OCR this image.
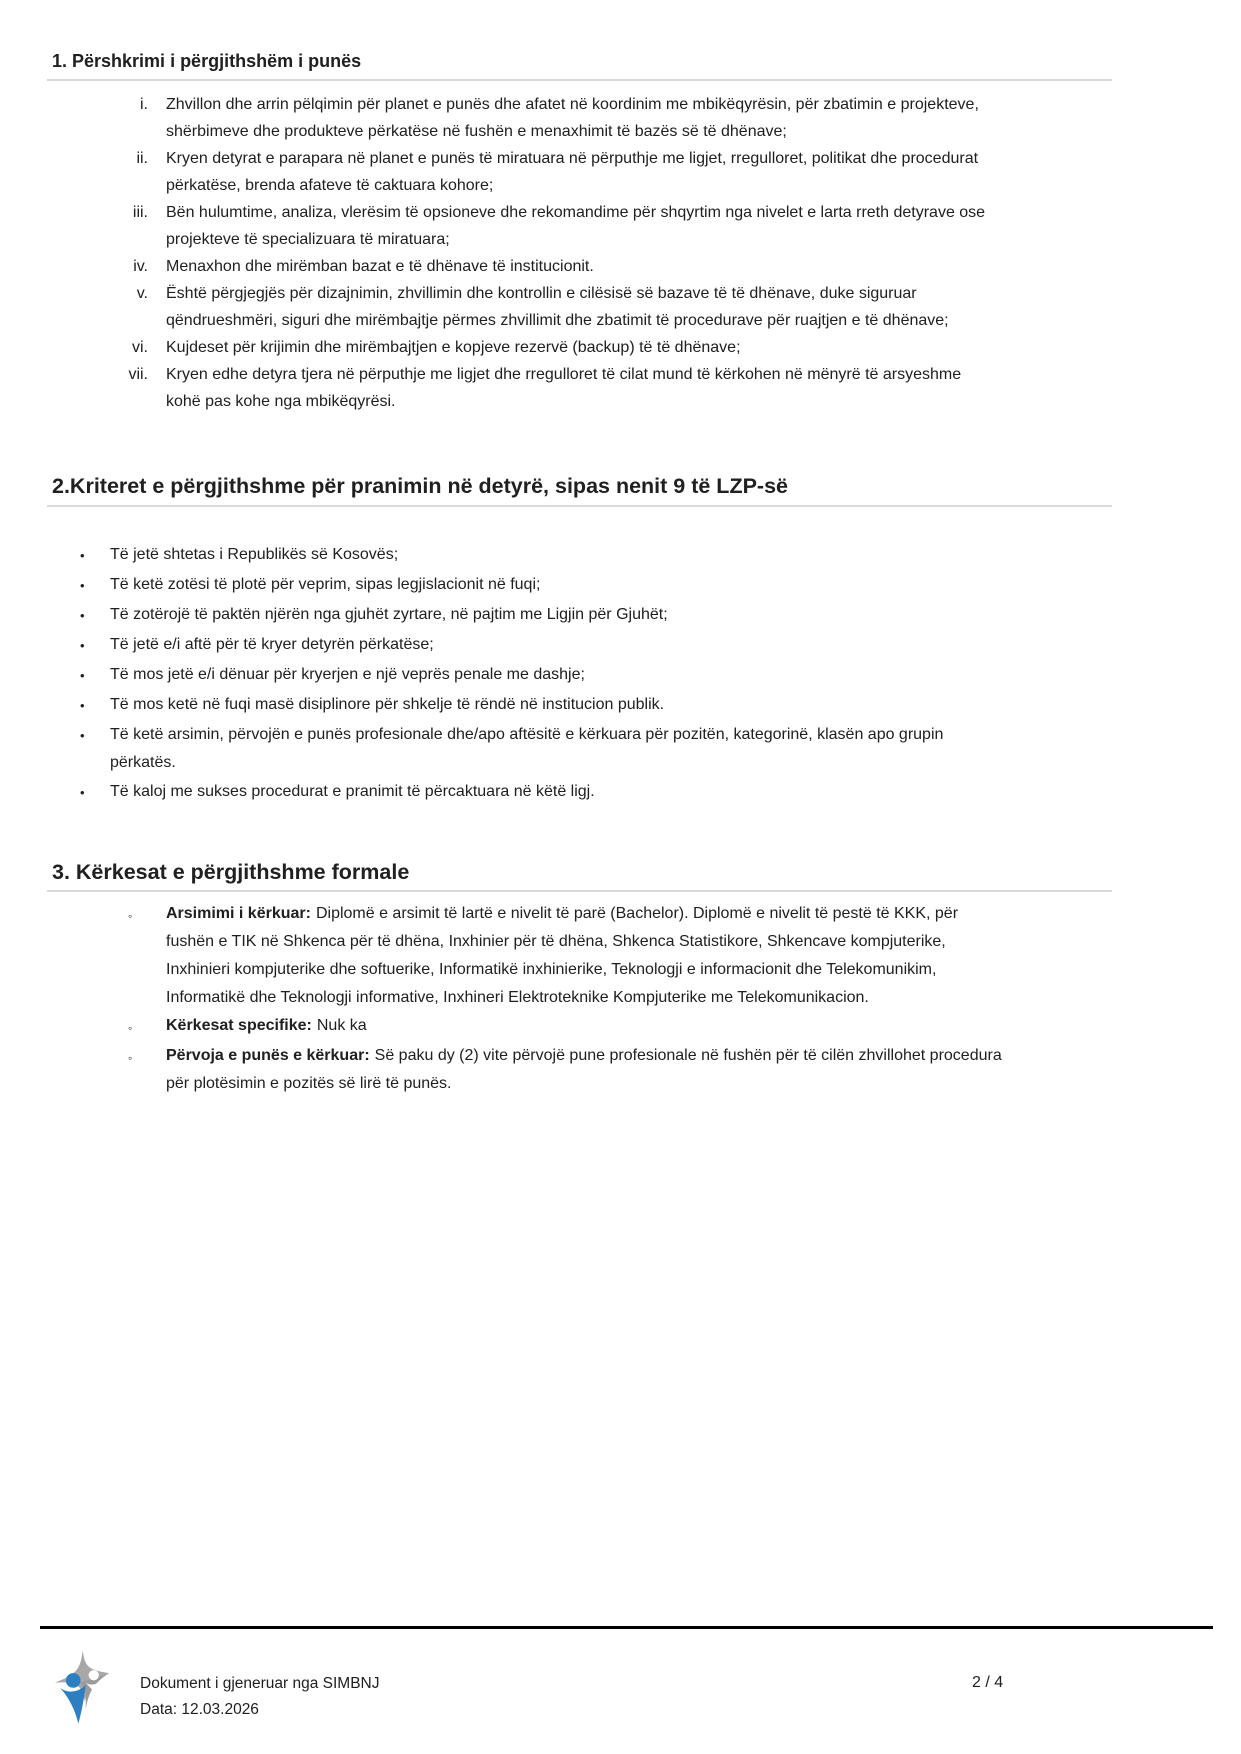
1. Përshkrimi i përgjithshëm i punës
i. Zhvillon dhe arrin pëlqimin për planet e punës dhe afatet në koordinim me mbikëqyrësin, për zbatimin e projekteve, shërbimeve dhe produkteve përkatëse në fushën e menaxhimit të bazës së të dhënave;

ii. Kryen detyrat e parapara në planet e punës të miratuara në përputhje me ligjet, rregulloret, politikat dhe procedurat përkatëse, brenda afateve të caktuara kohore;

iii. Bën hulumtime, analiza, vlerësim të opsioneve dhe rekomandime për shqyrtim nga nivelet e larta rreth detyrave ose projekteve të specializuara të miratuara;

iv. Menaxhon dhe mirëmban bazat e të dhënave të institucionit.

v. Është përgjegjës për dizajnimin, zhvillimin dhe kontrollin e cilësisë së bazave të të dhënave, duke siguruar qëndrueshmëri, siguri dhe mirëmbajtje përmes zhvillimit dhe zbatimit të procedurave për ruajtjen e të dhënave;

vi. Kujdeset për krijimin dhe mirëmbajtjen e kopjeve rezervë (backup) të të dhënave;

vii. Kryen edhe detyra tjera në përputhje me ligjet dhe rregulloret të cilat mund të kërkohen në mënyrë të arsyeshme kohë pas kohe nga mbikëqyrësi.

2.Kriteret e përgjithshme për pranimin në detyrë, sipas nenit 9 të LZP-së
•	Të jetë shtetas i Republikës së Kosovës;

•	Të ketë zotësi të plotë për veprim, sipas legjislacionit në fuqi;

•	Të zotërojë të paktën njërën nga gjuhët zyrtare, në pajtim me Ligjin për Gjuhët;

•	Të jetë e/i aftë për të kryer detyrën përkatëse;

•	Të mos jetë e/i dënuar për kryerjen e një veprës penale me dashje;

•	Të mos ketë në fuqi masë disiplinore për shkelje të rëndë në institucion publik.

•	Të ketë arsimin, përvojën e punës profesionale dhe/apo aftësitë e kërkuara për pozitën, kategorinë, klasën apo grupin përkatës.

•	Të kaloj me sukses procedurat e pranimit të përcaktuara në këtë ligj.

3. Kërkesat e përgjithshme formale
◦	Arsimimi i kërkuar: Diplomë e arsimit të lartë e nivelit të parë (Bachelor). Diplomë e nivelit të pestë të KKK, për fushën e TIK në Shkenca për të dhëna, Inxhinier për të dhëna, Shkenca Statistikore, Shkencave kompjuterike, Inxhinieri kompjuterike dhe softuerike, Informatikë inxhinierike, Teknologji e informacionit dhe Telekomunikim, Informatikë dhe Teknologji informative, Inxhineri Elektroteknike Kompjuterike me Telekomunikacion.

◦	Kërkesat specifike: Nuk ka

◦	Përvoja e punës e kërkuar: Së paku dy (2) vite përvojë pune profesionale në fushën për të cilën zhvillohet procedura për plotësimin e pozitës së lirë të punës.

Dokument i gjeneruar nga SIMBNJ
Data: 12.03.2026
2 / 4
